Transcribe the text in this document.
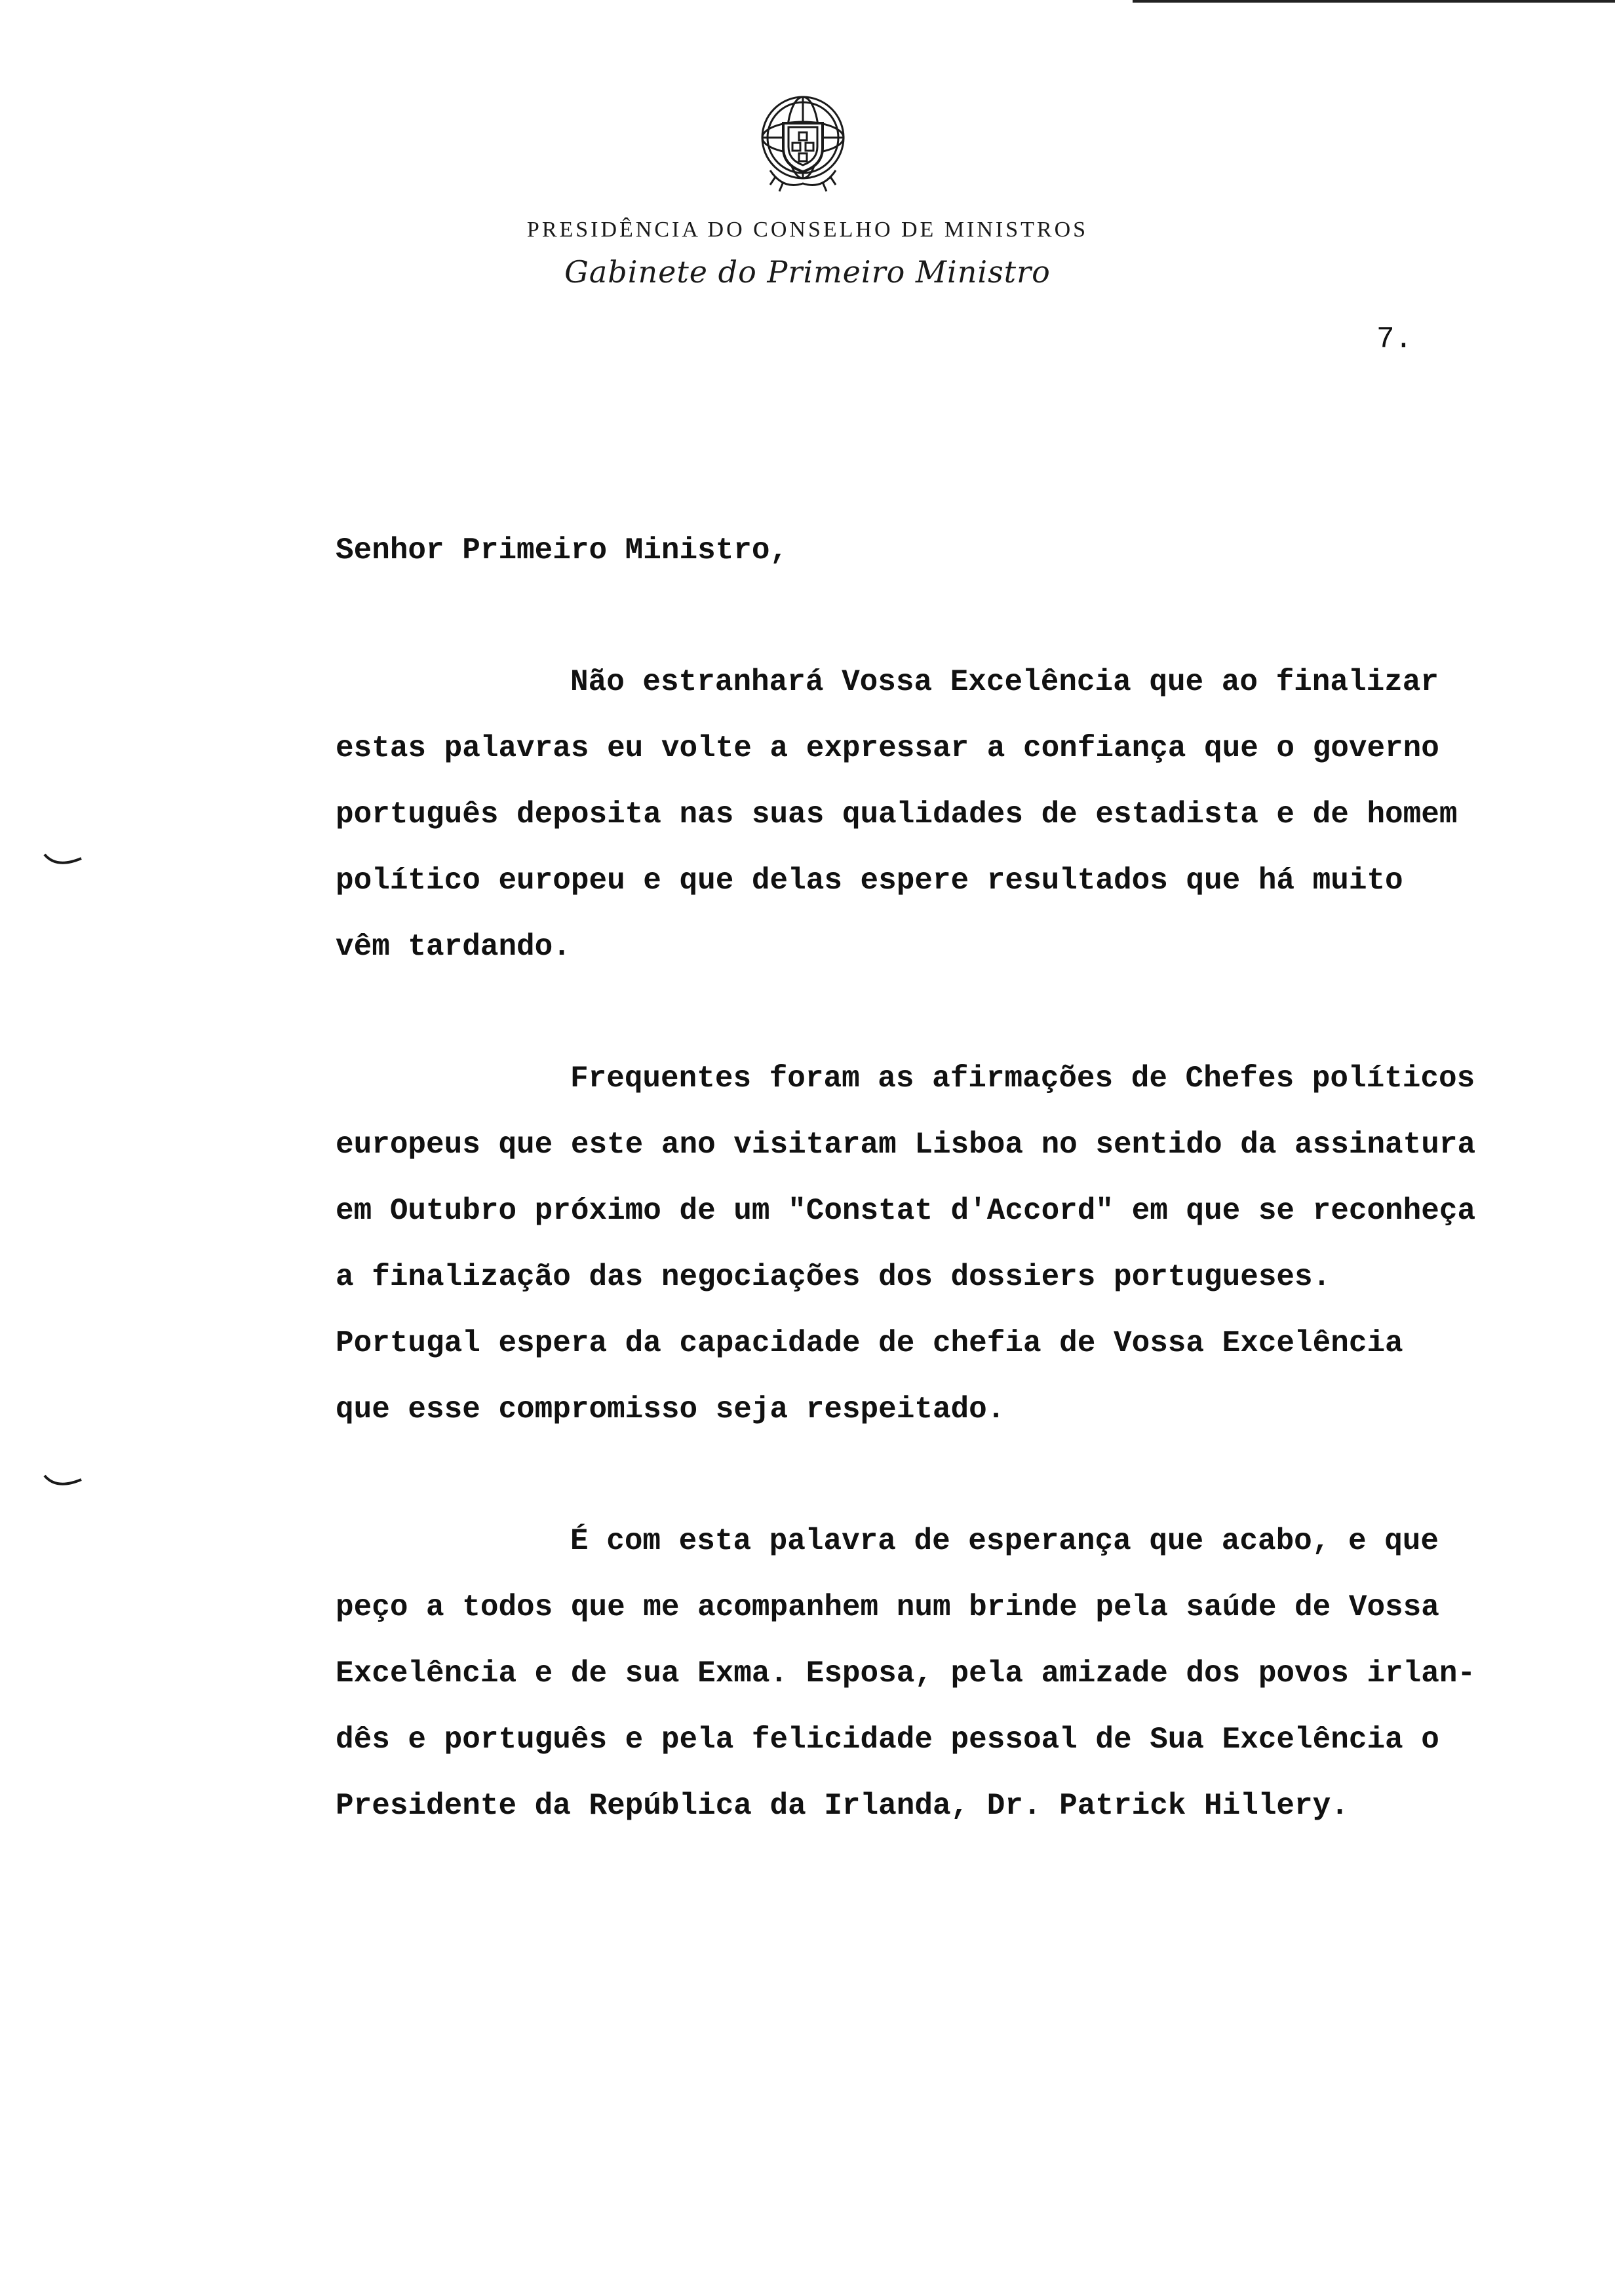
PRESIDÊNCIA DO CONSELHO DE MINISTROS
Gabinete do Primeiro Ministro
7.
Senhor Primeiro Ministro,
Não estranhará Vossa Excelência que ao finalizar
estas palavras eu volte a expressar a confiança que o governo
português deposita nas suas qualidades de estadista e de homem
político europeu e que delas espere resultados que há muito
vêm tardando.
Frequentes foram as afirmações de Chefes políticos
europeus que este ano visitaram Lisboa no sentido da assinatura
em Outubro próximo de um "Constat d'Accord" em que se reconheça
a finalização das negociações dos dossiers portugueses.
Portugal espera da capacidade de chefia de Vossa Excelência
que esse compromisso seja respeitado.
É com esta palavra de esperança que acabo, e que
peço a todos que me acompanhem num brinde pela saúde de Vossa
Excelência e de sua Exma. Esposa, pela amizade dos povos irlan-
dês e português e pela felicidade pessoal de Sua Excelência o
Presidente da República da Irlanda, Dr. Patrick Hillery.
